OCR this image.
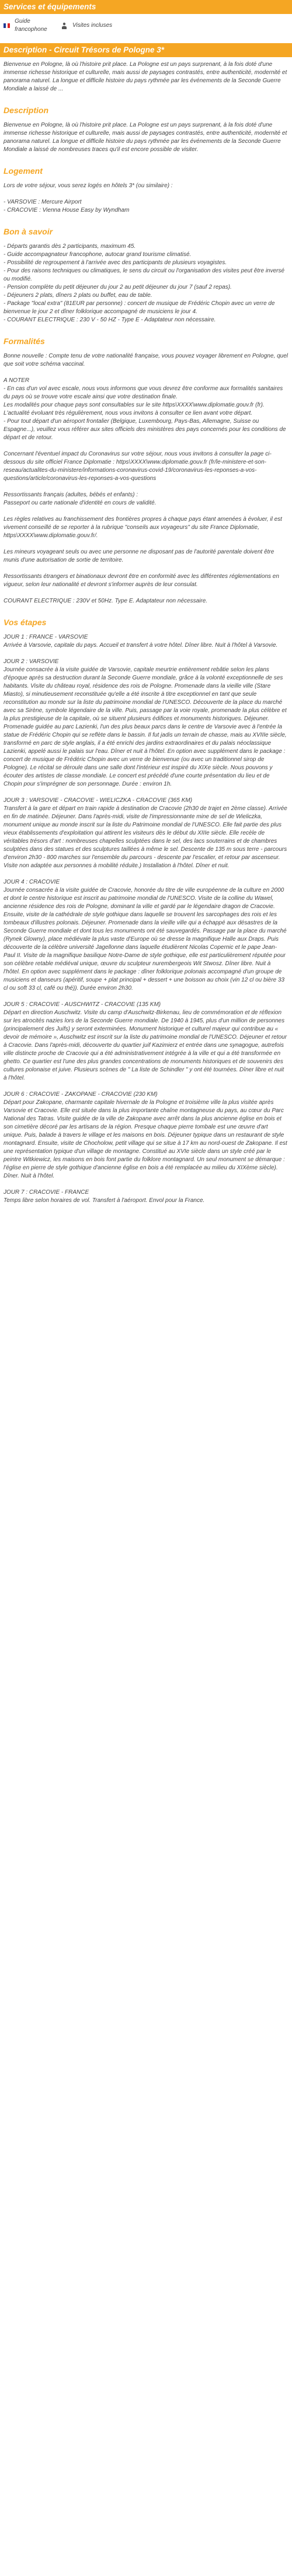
Services et équipements
Guide francophone
Visites incluses
Description - Circuit Trésors de Pologne 3*

Bienvenue en Pologne, là où l'histoire prit place. La Pologne est un pays surprenant, à la fois doté d'une immense richesse historique et culturelle, mais aussi de paysages contrastés, entre authenticité, modernité et panorama naturel. La longue et difficile histoire du pays rythmée par les événements de la Seconde Guerre Mondiale a laissé de ...

Description

Bienvenue en Pologne, là où l'histoire prit place. La Pologne est un pays surprenant, à la fois doté d'une immense richesse historique et culturelle, mais aussi de paysages contrastés, entre authenticité, modernité et panorama naturel. La longue et difficile histoire du pays rythmée par les événements de la Seconde Guerre Mondiale a laissé de nombreuses traces qu'il est encore possible de visiter.

Logement

Lors de votre séjour, vous serez logés en hôtels 3* (ou similaire) :

- VARSOVIE : Mercure Airport
- CRACOVIE : Vienna House Easy by Wyndham
Bon à savoir
- Départs garantis dès 2 participants, maximum 45.
- Guide accompagnateur francophone, autocar grand tourisme climatisé.
- Possibilité de regroupement à l'arrivée avec des participants de plusieurs voyagistes.
- Pour des raisons techniques ou climatiques, le sens du circuit ou l'organisation des visites peut être inversé ou modifié.
- Pension complète du petit déjeuner du jour 2 au petit déjeuner du jour 7 (sauf 2 repas).
- Déjeuners 2 plats, dîners 2 plats ou buffet, eau de table.
- Package "local extra" (81EUR par personne) : concert de musique de Frédéric Chopin avec un verre de bienvenue le jour 2 et dîner folklorique accompagné de musiciens le jour 4.
- COURANT ELECTRIQUE : 230 V - 50 HZ - Type E - Adaptateur non nécessaire.
Formalités

Bonne nouvelle : Compte tenu de votre nationalité française, vous pouvez voyager librement en Pologne, quel que soit votre schéma vaccinal.

A NOTER
- En cas d'un vol avec escale, nous vous informons que vous devrez être conforme aux formalités sanitaires du pays où se trouve votre escale ainsi que votre destination finale.
Les modalités pour chaque pays sont consultables sur le site https\XXXX\www.diplomatie.gouv.fr (fr). L'actualité évoluant très régulièrement, nous vous invitons à consulter ce lien avant votre départ.
- Pour tout départ d'un aéroport frontalier (Belgique, Luxembourg, Pays-Bas, Allemagne, Suisse ou Espagne...), veuillez vous référer aux sites officiels des ministères des pays concernés pour les conditions de départ et de retour.

Concernant l'éventuel impact du Coronavirus sur votre séjour, nous vous invitons à consulter la page ci-dessous du site officiel France Diplomatie : https\XXXX\www.diplomatie.gouv.fr (fr/le-ministere-et-son-reseau/actualites-du-ministere/informations-coronavirus-covid-19/coronavirus-les-reponses-a-vos-questions/article/coronavirus-les-reponses-a-vos-questions

Ressortissants français (adultes, bébés et enfants) :
Passeport ou carte nationale d'identité en cours de validité.

Les règles relatives au franchissement des frontières propres à chaque pays étant amenées à évoluer, il est vivement conseillé de se reporter à la rubrique "conseils aux voyageurs" du site France Diplomatie, https\XXXX\www.diplomatie.gouv.fr/.

Les mineurs voyageant seuls ou avec une personne ne disposant pas de l'autorité parentale doivent être munis d'une autorisation de sortie de territoire.

Ressortissants étrangers et binationaux devront être en conformité avec les différentes réglementations en vigueur, selon leur nationalité et devront s'informer auprès de leur consulat.

COURANT ELECTRIQUE : 230V et 50Hz. Type E. Adaptateur non nécessaire.

Vos étapes

JOUR 1 : FRANCE - VARSOVIE

Arrivée à Varsovie, capitale du pays. Accueil et transfert à votre hôtel. Dîner libre. Nuit à l'hôtel à Varsovie.

JOUR 2 : VARSOVIE

Journée consacrée à la visite guidée de Varsovie, capitale meurtrie entièrement rebâtie selon les plans d'époque après sa destruction durant la Seconde Guerre mondiale, grâce à la volonté exceptionnelle de ses habitants. Visite du château royal, résidence des rois de Pologne. Promenade dans la vieille ville (Stare Miasto), si minutieusement reconstituée qu'elle a été inscrite à titre exceptionnel en tant que seule reconstitution au monde sur la liste du patrimoine mondial de l'UNESCO. Découverte de la place du marché avec sa Sirène, symbole légendaire de la ville. Puis, passage par la voie royale, promenade la plus célèbre et la plus prestigieuse de la capitale, où se situent plusieurs édifices et monuments historiques. Déjeuner. Promenade guidée au parc Lazienki, l'un des plus beaux parcs dans le centre de Varsovie avec à l'entrée la statue de Frédéric Chopin qui se reflète dans le bassin. Il fut jadis un terrain de chasse, mais au XVIIIe siècle, transformé en parc de style anglais, il a été enrichi des jardins extraordinaires et du palais néoclassique Lazienki, appelé aussi le palais sur l'eau. Dîner et nuit à l'hôtel. En option avec supplément dans le package : concert de musique de Frédéric Chopin avec un verre de bienvenue (ou avec un traditionnel sirop de Pologne). Le récital se déroule dans une salle dont l'intérieur est inspiré du XIXe siècle. Nous pouvons y écouter des artistes de classe mondiale. Le concert est précédé d'une courte présentation du lieu et de Chopin pour s'imprégner de son personnage. Durée : environ 1h.

JOUR 3 : VARSOVIE - CRACOVIE - WIELICZKA - CRACOVIE (365 KM)

Transfert à la gare et départ en train rapide à destination de Cracovie (2h30 de trajet en 2ème classe). Arrivée en fin de matinée. Déjeuner. Dans l'après-midi, visite de l'impressionnante mine de sel de Wieliczka, monument unique au monde inscrit sur la liste du Patrimoine mondial de l'UNESCO. Elle fait partie des plus vieux établissements d'exploitation qui attirent les visiteurs dès le début du XIIIe siècle. Elle recèle de véritables trésors d'art : nombreuses chapelles sculptées dans le sel, des lacs souterrains et de chambres sculptées dans des statues et des sculptures taillées à même le sel. Descente de 135 m sous terre - parcours d'environ 2h30 - 800 marches sur l'ensemble du parcours - descente par l'escalier, et retour par ascenseur. Visite non adaptée aux personnes à mobilité réduite.) Installation à l'hôtel. Dîner et nuit.

JOUR 4 : CRACOVIE

Journée consacrée à la visite guidée de Cracovie, honorée du titre de ville européenne de la culture en 2000 et dont le centre historique est inscrit au patrimoine mondial de l'UNESCO. Visite de la colline du Wawel, ancienne résidence des rois de Pologne, dominant la ville et gardé par le légendaire dragon de Cracovie. Ensuite, visite de la cathédrale de style gothique dans laquelle se trouvent les sarcophages des rois et les tombeaux d'illustres polonais. Déjeuner. Promenade dans la vieille ville qui a échappé aux désastres de la Seconde Guerre mondiale et dont tous les monuments ont été sauvegardés. Passage par la place du marché (Rynek Glowny), place médiévale la plus vaste d'Europe où se dresse la magnifique Halle aux Draps. Puis découverte de la célèbre université Jagellonne dans laquelle étudièrent Nicolas Copernic et le pape Jean-Paul II. Visite de la magnifique basilique Notre-Dame de style gothique, elle est particulièrement réputée pour son célèbre retable médiéval unique, œuvre du sculpteur nurembergeois Wit Stwosz. Dîner libre. Nuit à l'hôtel. En option avec supplément dans le package : dîner folklorique polonais accompagné d'un groupe de musiciens et danseurs (apéritif, soupe + plat principal + dessert + une boisson au choix (vin 12 cl ou bière 33 cl ou soft 33 cl, café ou thé)). Durée environ 2h30.

JOUR 5 : CRACOVIE - AUSCHWITZ - CRACOVIE (135 KM)

Départ en direction Auschwitz. Visite du camp d'Auschwitz-Birkenau, lieu de commémoration et de réflexion sur les atrocités nazies lors de la Seconde Guerre mondiale. De 1940 à 1945, plus d'un million de personnes (principalement des Juifs) y seront exterminées. Monument historique et culturel majeur qui contribue au « devoir de mémoire », Auschwitz est inscrit sur la liste du patrimoine mondial de l'UNESCO. Déjeuner et retour à Cracovie. Dans l'après-midi, découverte du quartier juif Kazimierz et entrée dans une synagogue, autrefois ville distincte proche de Cracovie qui a été administrativement intégrée à la ville et qui a été transformée en ghetto. Ce quartier est l'une des plus grandes concentrations de monuments historiques et de souvenirs des cultures polonaise et juive. Plusieurs scènes de " La liste de Schindler " y ont été tournées. Dîner libre et nuit à l'hôtel.

JOUR 6 : CRACOVIE - ZAKOPANE - CRACOVIE (230 KM)

Départ pour Zakopane, charmante capitale hivernale de la Pologne et troisième ville la plus visitée après Varsovie et Cracovie. Elle est située dans la plus importante chaîne montagneuse du pays, au cœur du Parc National des Tatras. Visite guidée de la ville de Zakopane avec arrêt dans la plus ancienne église en bois et son cimetière décoré par les artisans de la région. Presque chaque pierre tombale est une œuvre d'art unique. Puis, balade à travers le village et les maisons en bois. Déjeuner typique dans un restaurant de style montagnard. Ensuite, visite de Chocholow, petit village qui se situe à 17 km au nord-ouest de Zakopane. Il est une représentation typique d'un village de montagne. Constitué au XVIe siècle dans un style créé par le peintre Witkiewicz, les maisons en bois font partie du folklore montagnard. Un seul monument se démarque : l'église en pierre de style gothique d'ancienne église en bois a été remplacée au milieu du XIXème siècle). Dîner. Nuit à l'hôtel.

JOUR 7 : CRACOVIE - FRANCE

Temps libre selon horaires de vol. Transfert à l'aéroport. Envol pour la France.
